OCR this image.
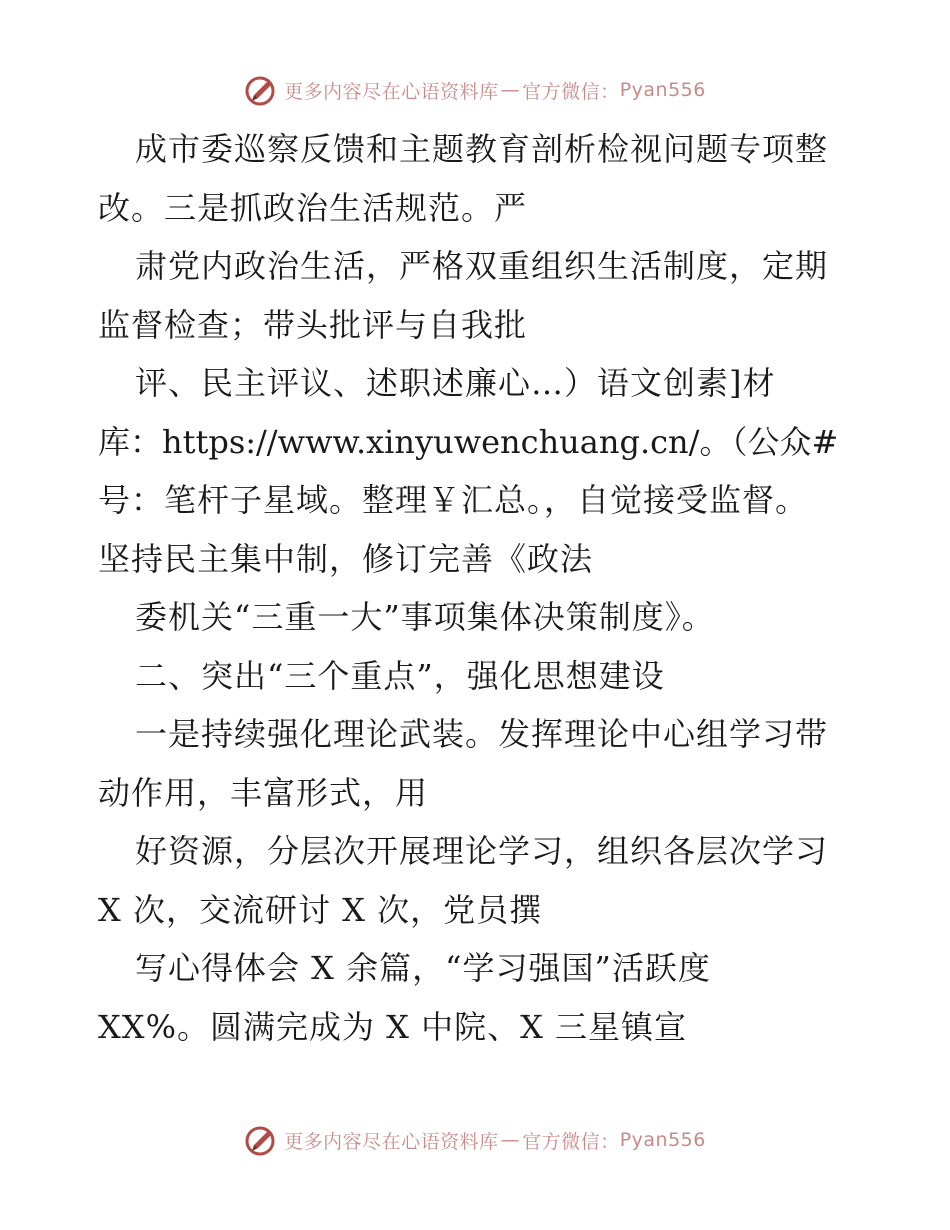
更多内容尽在心语资料库 — 官方微信： Pyan556
成市委巡察反馈和主题教育剖析检视问题专项整
改。三是抓政治生活规范。严
肃党内政治生活，严格双重组织生活制度，定期
监督检查；带头批评与自我批
评、民主评议、述职述廉心…）语文创素]材
库：https://www.xinyuwenchuang.cn/。（公众#
号：笔杆子星域。整理￥汇总。，自觉接受监督。
坚持民主集中制，修订完善《政法
委机关“三重一大”事项集体决策制度》。
二、突出“三个重点”，强化思想建设
一是持续强化理论武装。发挥理论中心组学习带
动作用，丰富形式，用
好资源，分层次开展理论学习，组织各层次学习
X 次，交流研讨 X 次，党员撰
写心得体会 X 余篇，“学习强国”活跃度
XX%。圆满完成为 X 中院、X 三星镇宣
更多内容尽在心语资料库 — 官方微信： Pyan556
